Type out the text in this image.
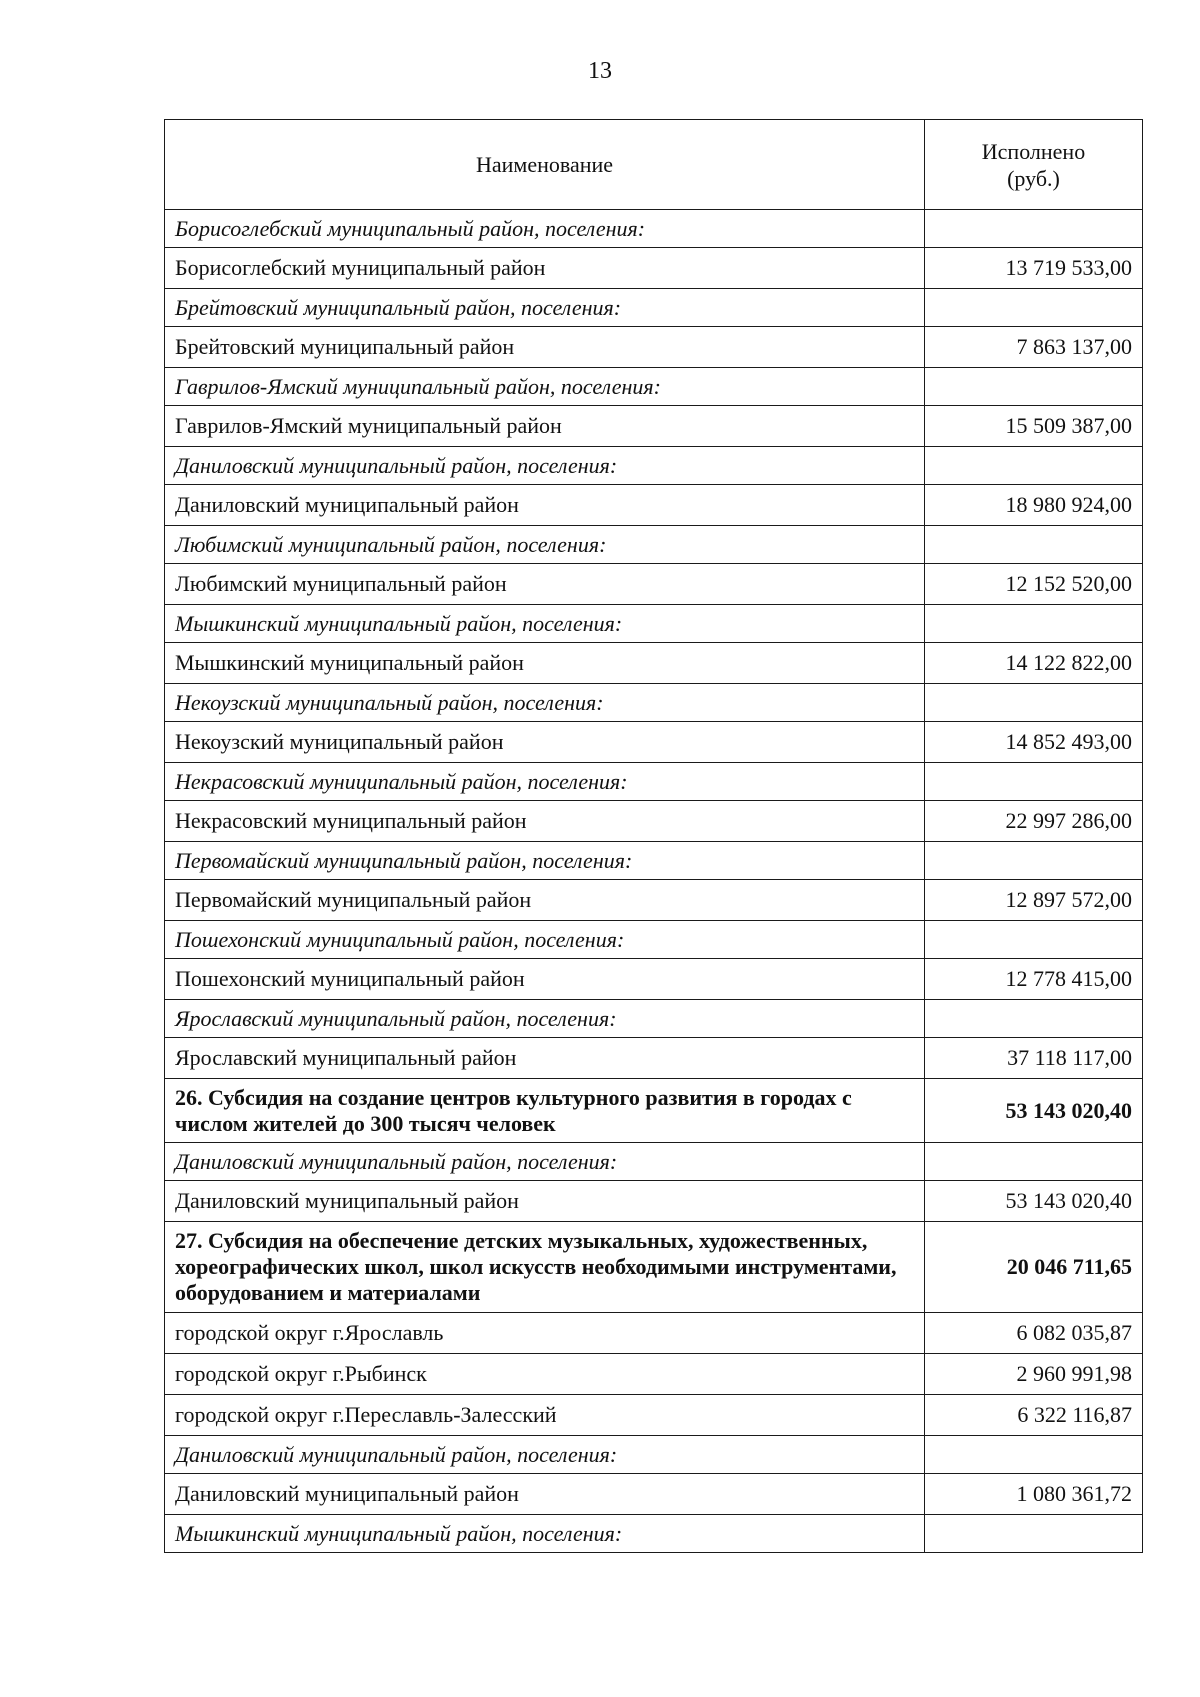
13
Наименование	Исполнено
(руб.)
Борисоглебский муниципальный район, поселения:	
Борисоглебский муниципальный район	13 719 533,00
Брейтовский муниципальный район, поселения:	
Брейтовский муниципальный район	7 863 137,00
Гаврилов-Ямский муниципальный район, поселения:	
Гаврилов-Ямский муниципальный район	15 509 387,00
Даниловский муниципальный район, поселения:	
Даниловский муниципальный район	18 980 924,00
Любимский муниципальный район, поселения:	
Любимский муниципальный район	12 152 520,00
Мышкинский муниципальный район, поселения:	
Мышкинский муниципальный район	14 122 822,00
Некоузский муниципальный район, поселения:	
Некоузский муниципальный район	14 852 493,00
Некрасовский муниципальный район, поселения:	
Некрасовский муниципальный район	22 997 286,00
Первомайский муниципальный район, поселения:	
Первомайский муниципальный район	12 897 572,00
Пошехонский муниципальный район, поселения:	
Пошехонский муниципальный район	12 778 415,00
Ярославский муниципальный район, поселения:	
Ярославский муниципальный район	37 118 117,00
26. Субсидия на создание центров культурного развития в городах с числом жителей до 300 тысяч человек	53 143 020,40
Даниловский муниципальный район, поселения:	
Даниловский муниципальный район	53 143 020,40
27. Субсидия на обеспечение детских музыкальных, художественных, хореографических школ, школ искусств необходимыми инструментами, оборудованием и материалами	20 046 711,65
городской округ г.Ярославль	6 082 035,87
городской округ г.Рыбинск	2 960 991,98
городской округ г.Переславль-Залесский	6 322 116,87
Даниловский муниципальный район, поселения:	
Даниловский муниципальный район	1 080 361,72
Мышкинский муниципальный район, поселения:	
